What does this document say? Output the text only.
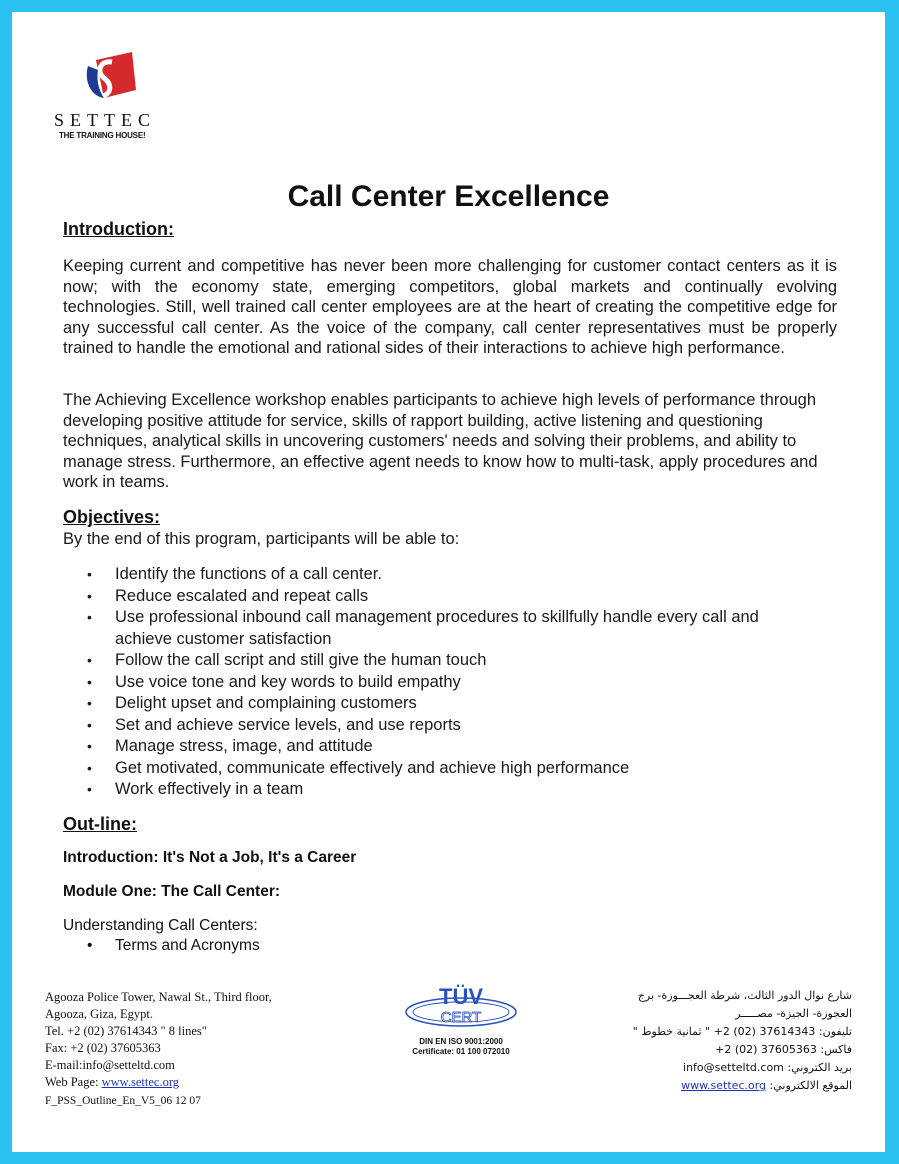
SETTEC
THE TRAINING HOUSE!
Call Center Excellence
Introduction:
Keeping current and competitive has never been more challenging for customer contact centers as it is now; with the economy state, emerging competitors, global markets and continually evolving technologies. Still, well trained call center employees are at the heart of creating the competitive edge for any successful call center. As the voice of the company, call center representatives must be properly trained to handle the emotional and rational sides of their interactions to achieve high performance.
The Achieving Excellence workshop enables participants to achieve high levels of performance through developing positive attitude for service, skills of rapport building, active listening and questioning techniques, analytical skills in uncovering customers' needs and solving their problems, and ability to manage stress. Furthermore, an effective agent needs to know how to multi-task, apply procedures and work in teams.
Objectives:
By the end of this program, participants will be able to:
• Identify the functions of a call center.
• Reduce escalated and repeat calls
• Use professional inbound call management procedures to skillfully handle every call and achieve customer satisfaction
• Follow the call script and still give the human touch
• Use voice tone and key words to build empathy
• Delight upset and complaining customers
• Set and achieve service levels, and use reports
• Manage stress, image, and attitude
• Get motivated, communicate effectively and achieve high performance
• Work effectively in a team
Out-line:
Introduction: It's Not a Job, It's a Career
Module One: The Call Center:
Understanding Call Centers:
• Terms and Acronyms
Agooza Police Tower, Nawal St., Third floor,
Agooza, Giza, Egypt.
Tel. +2 (02) 37614343 " 8 lines"
Fax: +2 (02) 37605363
E-mail:info@setteltd.com
Web Page: www.settec.org
TÜV
CERT
DIN EN ISO 9001:2000
Certificate: 01 100 072010
شارع نوال الدور الثالث، شرطة العجـــوزة- برج
العجوزة- الجيزة- مصـــــر
تليفون: 37614343 (02) 2+ " ثمانية خطوط "
فاكس: 37605363 (02) 2+
بريد الكتروني: info@setteltd.com
الموقع الالكتروني: www.settec.org
F_PSS_Outline_En_V5_06 12 07
